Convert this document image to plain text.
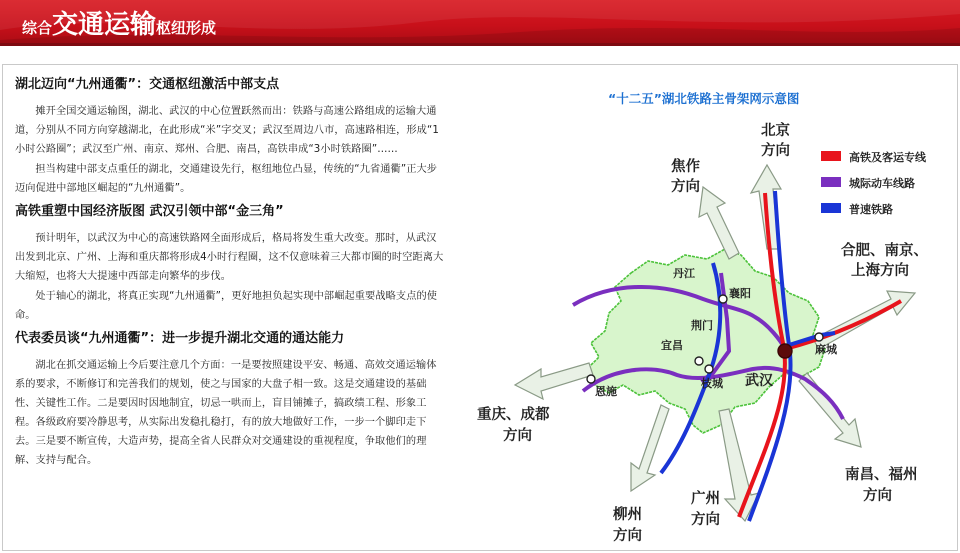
综合交通运输枢纽形成
湖北迈向“九州通衢”：交通枢纽激活中部支点

摊开全国交通运输图，湖北、武汉的中心位置跃然而出：铁路与高速公路组成的运输大通道，分别从不同方向穿越湖北，在此形成“米”字交叉；武汉至周边八市，高速路相连，形成“1小时公路圈”；武汉至广州、南京、郑州、合肥、南昌，高铁串成“3小时铁路圈”……

担当构建中部支点重任的湖北，交通建设先行，枢纽地位凸显，传统的“九省通衢”正大步迈向促进中部地区崛起的“九州通衢”。

高铁重塑中国经济版图 武汉引领中部“金三角”

预计明年，以武汉为中心的高速铁路网全面形成后，格局将发生重大改变。那时，从武汉出发到北京、广州、上海和重庆都将形成4小时行程圈，这不仅意味着三大都市圈的时空距离大大缩短，也将大大提速中西部走向繁华的步伐。

处于轴心的湖北，将真正实现“九州通衢”，更好地担负起实现中部崛起重要战略支点的使命。

代表委员谈“九州通衢”：进一步提升湖北交通的通达能力

湖北在抓交通运输上今后要注意几个方面：一是要按照建设平安、畅通、高效交通运输体系的要求，不断修订和完善我们的规划，使之与国家的大盘子相一致。这是交通建设的基础性、关键性工作。二是要因时因地制宜，切忌一哄而上，盲目铺摊子，搞政绩工程、形象工程。各级政府要冷静思考，从实际出发稳扎稳打，有的放大地做好工作，一步一个脚印走下去。三是要不断宣传，大造声势，提高全省人民群众对交通建设的重视程度，争取他们的理解、支持与配合。

“十二五”湖北铁路主骨架网示意图
丹江
襄阳
荆门
宜昌
恩施
枝城 武汉
麻城
北京
方向
焦作
方向
合肥、南京、
上海方向
重庆、成都
方向
柳州
方向
广州
方向
南昌、福州
方向
高铁及客运专线
城际动车线路
普速铁路
